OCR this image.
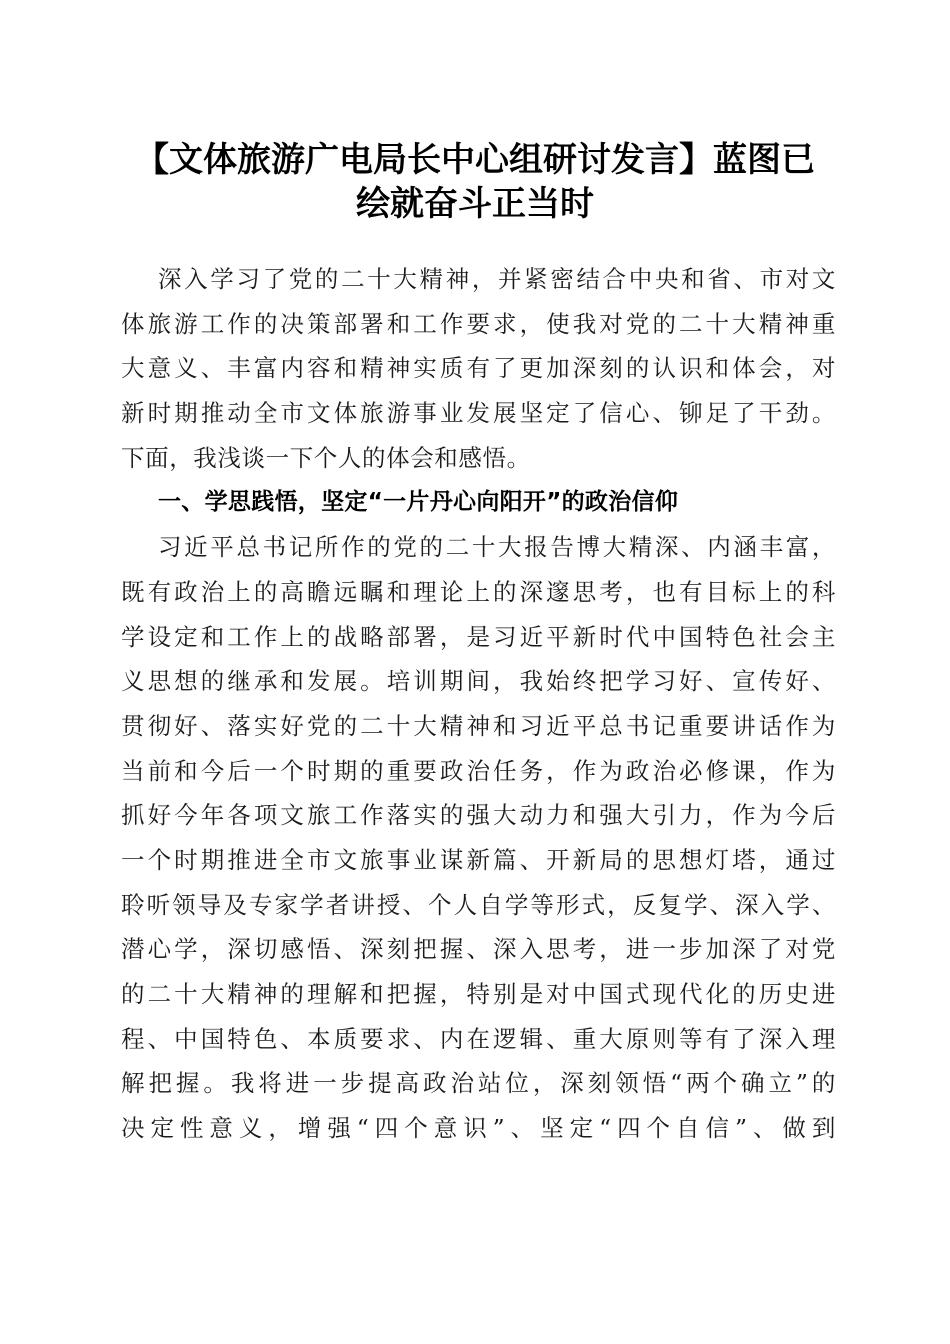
【文体旅游广电局长中心组研讨发言】蓝图已
绘就奋斗正当时
深入学习了党的二十大精神，并紧密结合中央和省、市对文
体旅游工作的决策部署和工作要求，使我对党的二十大精神重
大意义、丰富内容和精神实质有了更加深刻的认识和体会，对
新时期推动全市文体旅游事业发展坚定了信心、铆足了干劲。
下面，我浅谈一下个人的体会和感悟。
一、学思践悟，坚定“一片丹心向阳开”的政治信仰
习近平总书记所作的党的二十大报告博大精深、内涵丰富，
既有政治上的高瞻远瞩和理论上的深邃思考，也有目标上的科
学设定和工作上的战略部署，是习近平新时代中国特色社会主
义思想的继承和发展。培训期间，我始终把学习好、宣传好、
贯彻好、落实好党的二十大精神和习近平总书记重要讲话作为
当前和今后一个时期的重要政治任务，作为政治必修课，作为
抓好今年各项文旅工作落实的强大动力和强大引力，作为今后
一个时期推进全市文旅事业谋新篇、开新局的思想灯塔，通过
聆听领导及专家学者讲授、个人自学等形式，反复学、深入学、
潜心学，深切感悟、深刻把握、深入思考，进一步加深了对党
的二十大精神的理解和把握，特别是对中国式现代化的历史进
程、中国特色、本质要求、内在逻辑、重大原则等有了深入理
解把握。我将进一步提高政治站位，深刻领悟“两个确立”的
决定性意义，增强“四个意识”、坚定“四个自信”、做到
